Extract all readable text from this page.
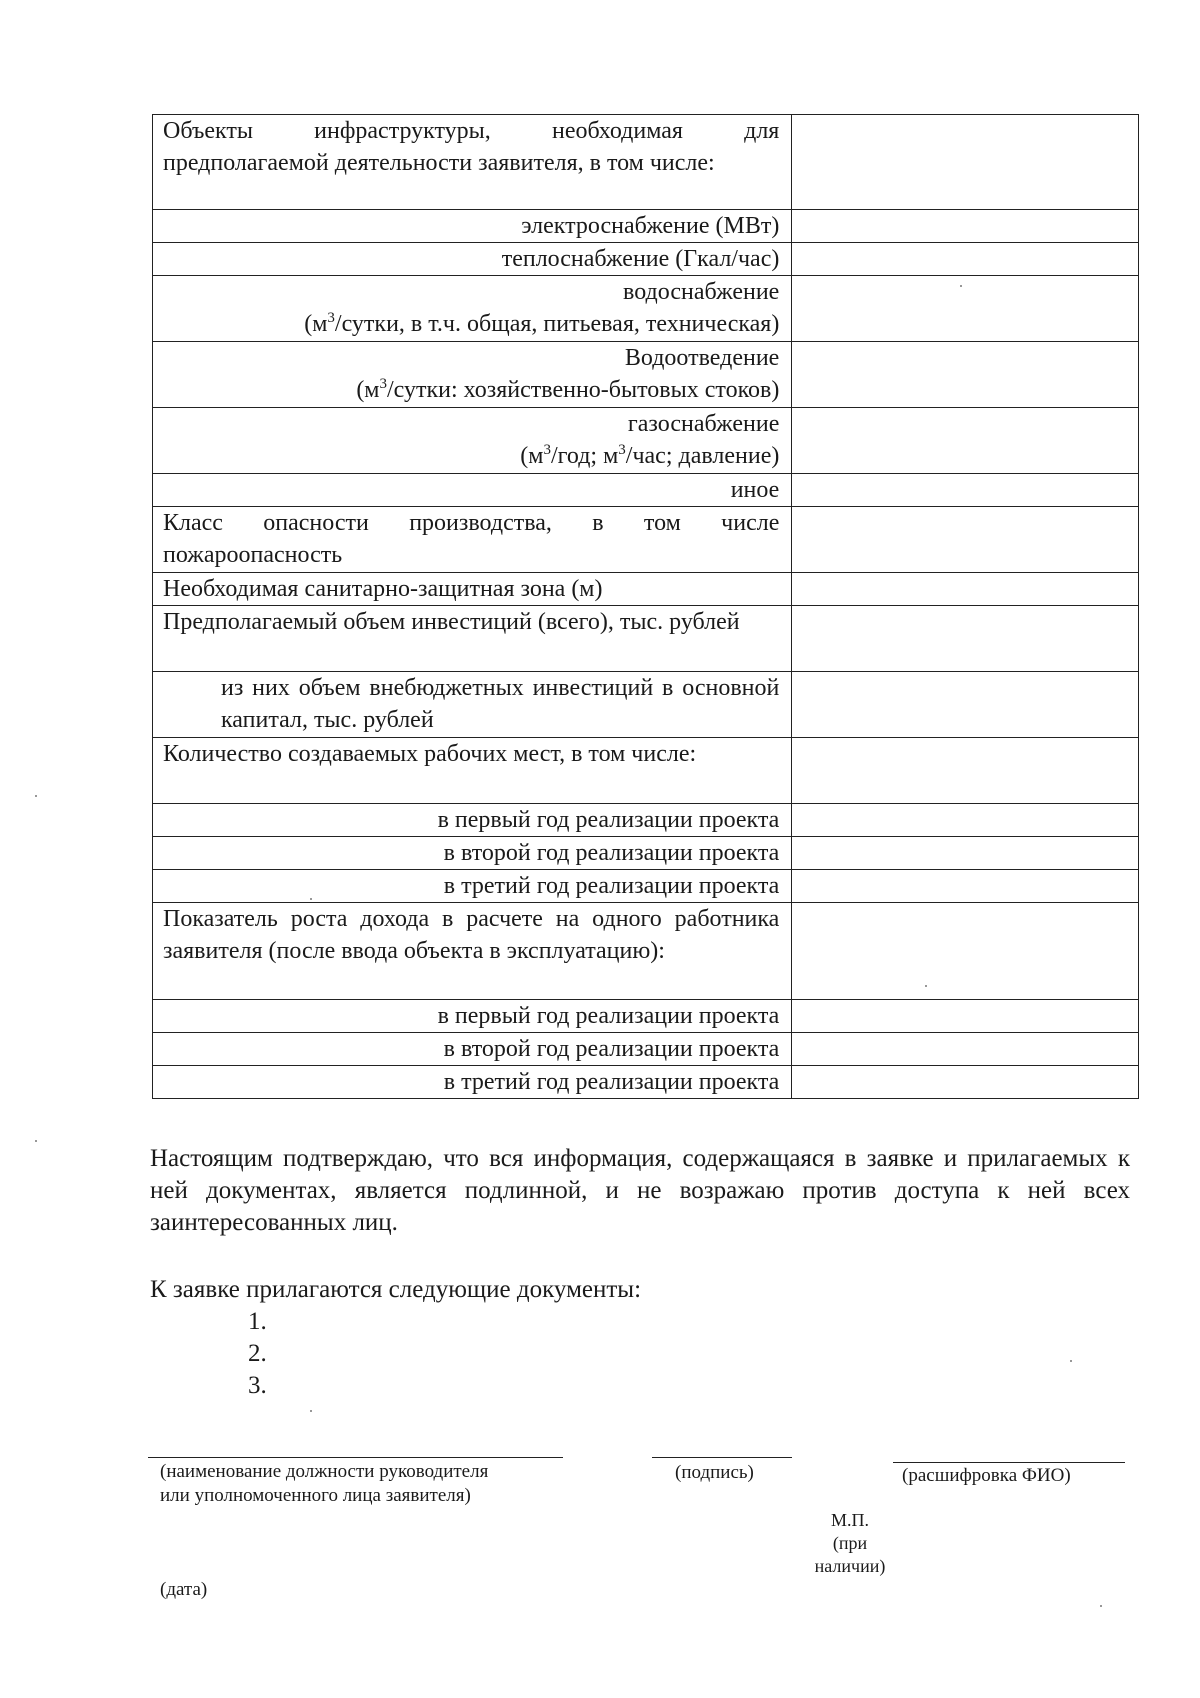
Объекты инфраструктуры, необходимая для предполагаемой деятельности заявителя, в том числе:	
электроснабжение (МВт)	
теплоснабжение (Гкал/час)	

водоснабжение
($м^3$/сутки, в т.ч. общая, питьевая, техническая)	

Водоотведение
($м^3$/сутки: хозяйственно-бытовых стоков)	

газоснабжение
($м^3$/год; $м^3$/час; давление)	

иное	
Класс опасности производства, в том числе пожароопасность	
Необходимая санитарно-защитная зона (м)	
Предполагаемый объем инвестиций (всего), тыс. рублей	
из них объем внебюджетных инвестиций в основной капитал, тыс. рублей	
Количество создаваемых рабочих мест, в том числе:	
в первый год реализации проекта	
в второй год реализации проекта	
в третий год реализации проекта	
Показатель роста дохода в расчете на одного работника заявителя (после ввода объекта в эксплуатацию):	
в первый год реализации проекта	
в второй год реализации проекта	
в третий год реализации проекта	

Настоящим подтверждаю, что вся информация, содержащаяся в заявке и прилагаемых к ней документах, является подлинной, и не возражаю против доступа к ней всех заинтересованных лиц.

К заявке прилагаются следующие документы:
1.
2.
3.
(наименование должности руководителя
или уполномоченного лица заявителя)
(подпись)	(расшифровка ФИО)
М.П.
(при
наличии)
(дата)
